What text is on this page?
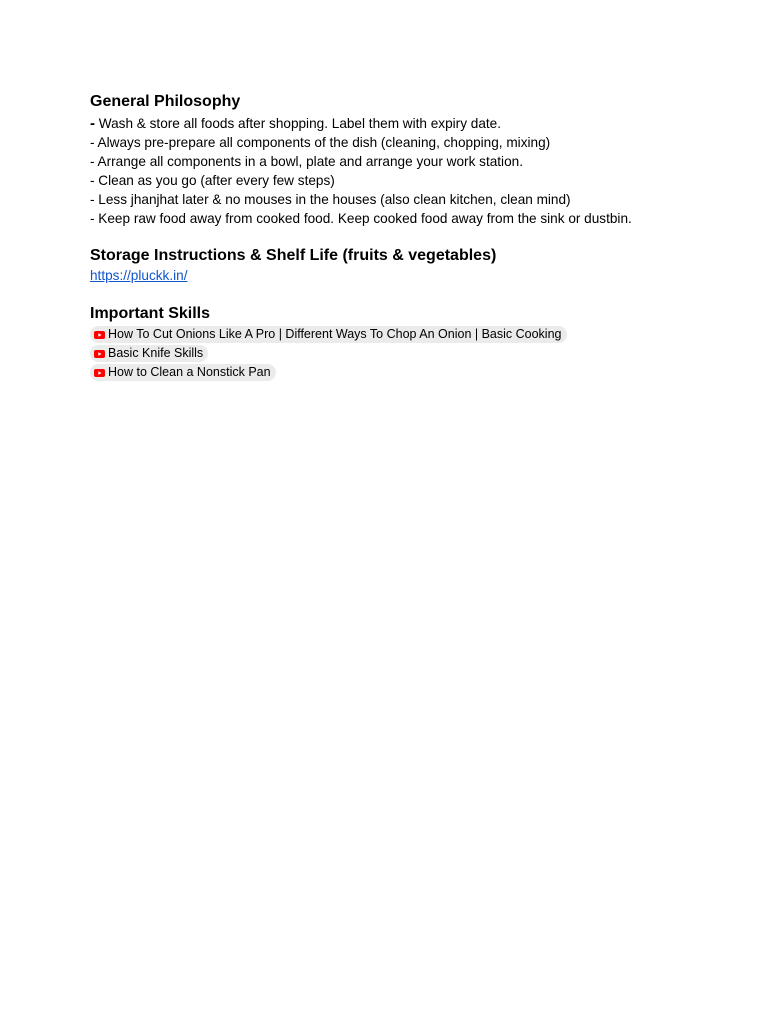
General Philosophy
- Wash & store all foods after shopping. Label them with expiry date.
- Always pre-prepare all components of the dish (cleaning, chopping, mixing)
- Arrange all components in a bowl, plate and arrange your work station.
- Clean as you go (after every few steps)
- Less jhanjhat later & no mouses in the houses (also clean kitchen, clean mind)
- Keep raw food away from cooked food. Keep cooked food away from the sink or dustbin.
Storage Instructions & Shelf Life (fruits & vegetables)
https://pluckk.in/
Important Skills
How To Cut Onions Like A Pro | Different Ways To Chop An Onion | Basic Cooking
Basic Knife Skills
How to Clean a Nonstick Pan
